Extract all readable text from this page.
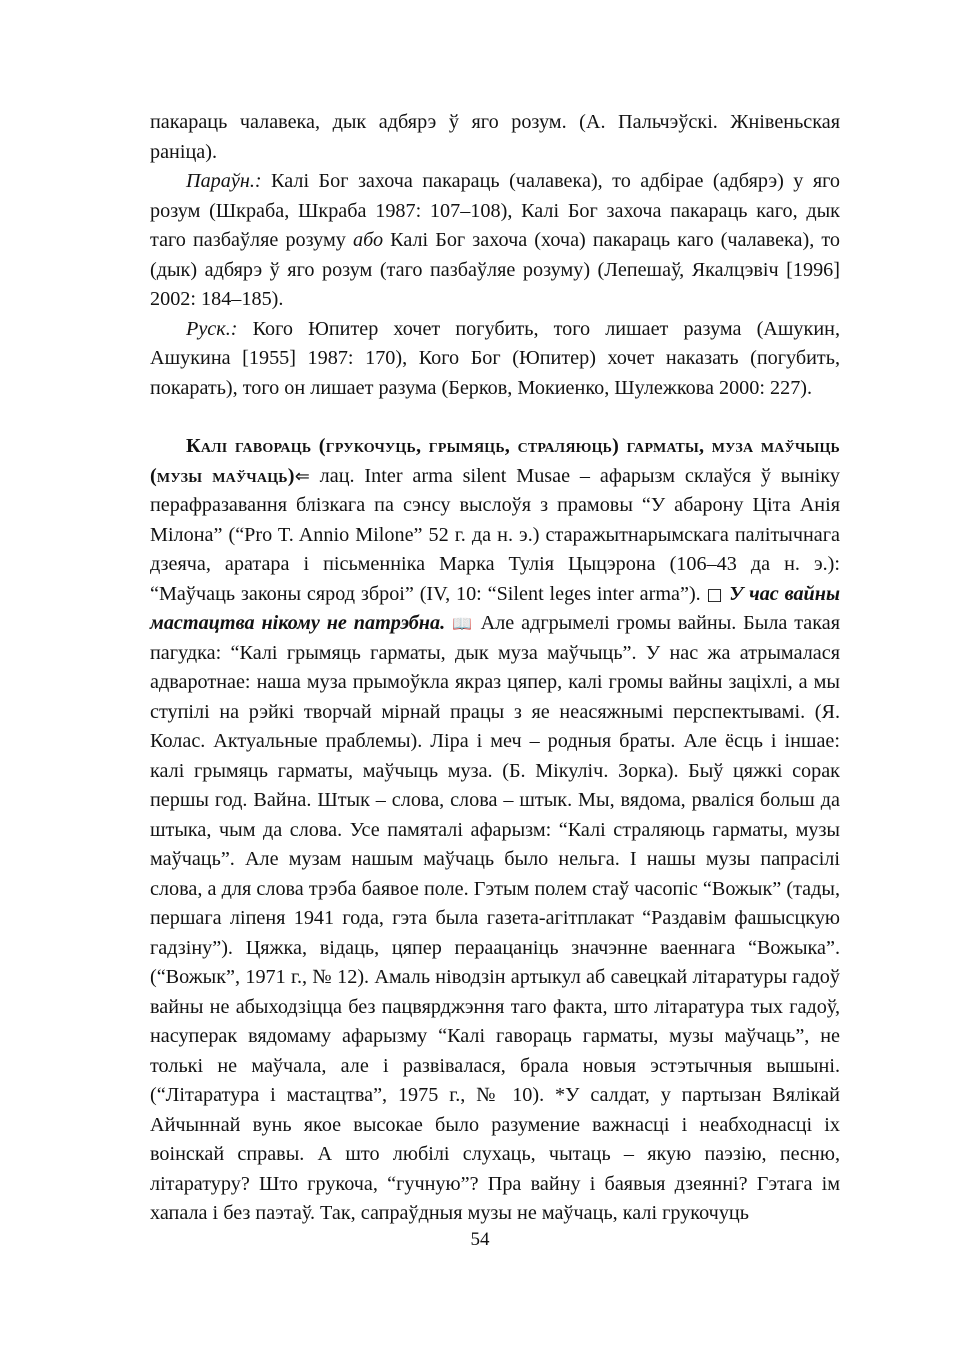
пакараць чалавека, дык адбярэ ў яго розум. (А. Пальчэўскі. Жнівеньская раніца).

Параўн.: Калі Бог захоча пакараць (чалавека), то адбірае (адбярэ) у яго розум (Шкраба, Шкраба 1987: 107–108), Калі Бог захоча пакараць каго, дык таго пазбаўляе розуму або Калі Бог захоча (хоча) пакараць каго (чалавека), то (дык) адбярэ ў яго розум (таго пазбаўляе розуму) (Лепешаў, Якалцэвіч [1996] 2002: 184–185).

Руск.: Кого Юпитер хочет погубить, того лишает разума (Ашукин, Ашукина [1955] 1987: 170), Кого Бог (Юпитер) хочет наказать (погубить, покарать), того он лишает разума (Берков, Мокиенко, Шулежкова 2000: 227).

Калі гавораць (грукочуць, грымяць, страляюць) гарматы, муза маўчыць (музы маўчаць)⇐ лац. Inter arma silent Musae – афарызм склаўся ў выніку перафразавання блізкага па сэнсу выслоўя з прамовы “У абарону Ціта Анія Мілона” (“Pro T. Annio Milone” 52 г. да н. э.) старажытнарымскага палітычнага дзеяча, аратара і пісьменніка Марка Тулія Цыцэрона (106–43 да н. э.): “Маўчаць законы сярод зброі” (IV, 10: “Silent leges inter arma”). □ У час вайны мастацтва нікому не патрэбна. 📖 Але адгрымелі громы вайны. Была такая пагудка: “Калі грымяць гарматы, дык муза маўчыць”. У нас жа атрымалася адваротнае: наша муза прымоўкла якраз цяпер, калі громы вайны заціхлі, а мы ступілі на рэйкі творчай мірнай працы з яе неасяжнымі перспектывамі. (Я. Колас. Актуальные праблемы). Ліра і меч – родныя браты. Але ёсць і іншае: калі грымяць гарматы, маўчыць муза. (Б. Мікуліч. Зорка). Быў цяжкі сорак першы год. Вайна. Штык – слова, слова – штык. Мы, вядома, рваліся больш да штыка, чым да слова. Усе памяталі афарызм: “Калі страляюць гарматы, музы маўчаць”. Але музам нашым маўчаць было нельга. І нашы музы папрасілі слова, а для слова трэба баявое поле. Гэтым полем стаў часопіс “Вожык” (тады, першага ліпеня 1941 года, гэта была газета-агітплакат “Раздавім фашысцкую гадзіну”). Цяжка, відаць, цяпер пераацаніць значэнне ваеннага “Вожыка”. (“Вожык”, 1971 г., № 12). Амаль ніводзін артыкул аб савецкай літаратуры гадоў вайны не абыходзіцца без пацвярджэння таго факта, што літаратура тых гадоў, насуперак вядомаму афарызму “Калі гавораць гарматы, музы маўчаць”, не толькі не маўчала, але і развівалася, брала новыя эстэтычныя вышыні. (“Літаратура і мастацтва”, 1975 г., № 10). *У салдат, у партызан Вялікай Айчыннай вунь якое высокае было разумение важнасці і неабходнасці іх воінскай справы. А што любілі слухаць, чытаць – якую паэзію, песню, літаратуру? Што грукоча, “гучную”? Пра вайну і баявыя дзеянні? Гэтага ім хапала і без паэтаў. Так, сапраўдныя музы не маўчаць, калі грукочуць

54
